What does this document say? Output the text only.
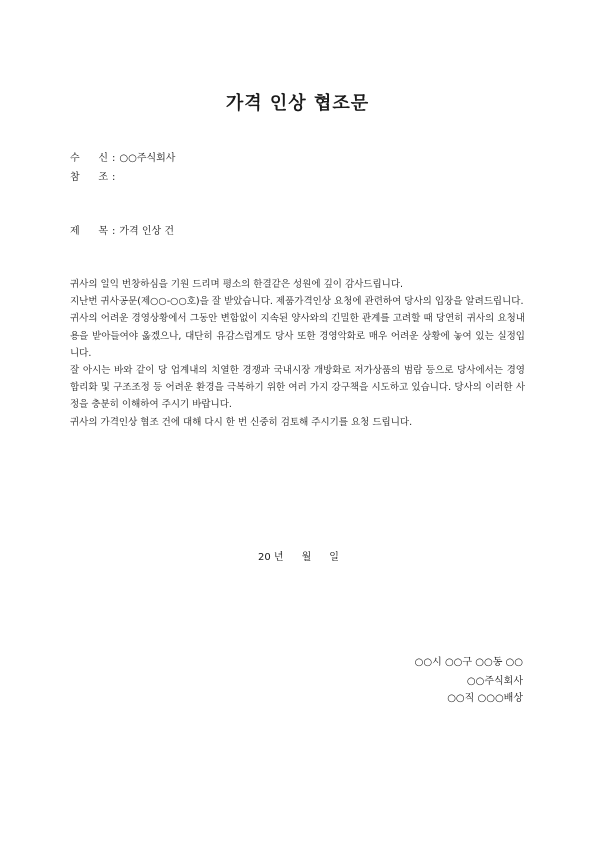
가격 인상 협조문
수 신 : ○○주식회사
참 조 :
제 목 : 가격 인상 건

귀사의 일익 번창하심을 기원 드리며 평소의 한결같은 성원에 깊이 감사드립니다.

지난번 귀사공문(제○○-○○호)을 잘 받았습니다. 제품가격인상 요청에 관련하여 당사의 입장을 알려드립니다.

귀사의 어려운 경영상황에서 그동안 변함없이 지속된 양사와의 긴밀한 관계를 고려할 때 당연히 귀사의 요청내용을 받아들여야 옳겠으나, 대단히 유감스럽게도 당사 또한 경영악화로 매우 어려운 상황에 놓여 있는 실정입니다.

잘 아시는 바와 같이 당 업계내의 치열한 경쟁과 국내시장 개방화로 저가상품의 범람 등으로 당사에서는 경영합리화 및 구조조정 등 어려운 환경을 극복하기 위한 여러 가지 강구책을 시도하고 있습니다. 당사의 이러한 사정을 충분히 이해하여 주시기 바랍니다.

귀사의 가격인상 협조 건에 대해 다시 한 번 신중히 검토해 주시기를 요청 드립니다.

20 년 월 일
○○시 ○○구 ○○동 ○○
○○주식회사
○○직 ○○○배상
